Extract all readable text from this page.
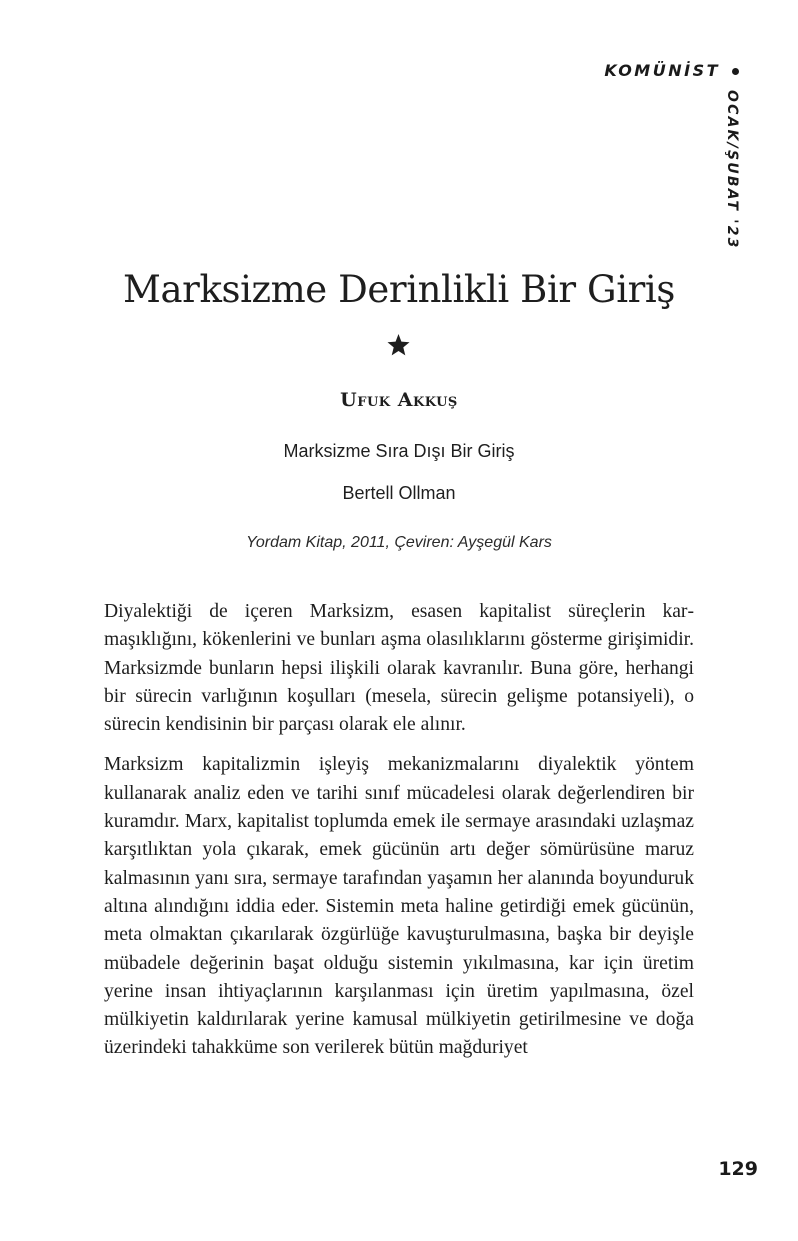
KOMÜNİST
OCAK/ŞUBAT '23
Marksizme Derinlikli Bir Giriş
Ufuk Akkuş
Marksizme Sıra Dışı Bir Giriş
Bertell Ollman
Yordam Kitap, 2011, Çeviren: Ayşegül Kars

Diyalektiği de içeren Marksizm, esasen kapitalist süreçlerin karmaşıklığını, kökenlerini ve bunları aşma olasılıklarını gösterme girişimidir. Marksizmde bunların hepsi ilişkili olarak kavranılır. Buna göre, herhangi bir sürecin varlığının koşulları (mesela, sürecin gelişme potansiyeli), o sürecin kendisinin bir parçası olarak ele alınır.

Marksizm kapitalizmin işleyiş mekanizmalarını diyalektik yöntem kullanarak analiz eden ve tarihi sınıf mücadelesi olarak değerlendiren bir kuramdır. Marx, kapitalist toplumda emek ile sermaye arasındaki uzlaşmaz karşıtlıktan yola çıkarak, emek gücünün artı değer sömürüsüne maruz kalmasının yanı sıra, sermaye tarafından yaşamın her alanında boyunduruk altına alındığını iddia eder. Sistemin meta haline getirdiği emek gücünün, meta olmaktan çıkarılarak özgürlüğe kavuşturulmasına, başka bir deyişle mübadele değerinin başat olduğu sistemin yıkılmasına, kar için üretim yerine insan ihtiyaçlarının karşılanması için üretim yapılmasına, özel mülkiyetin kaldırılarak yerine kamusal mülkiyetin getirilmesine ve doğa üzerindeki tahakküme son verilerek bütün mağduriyet

129
